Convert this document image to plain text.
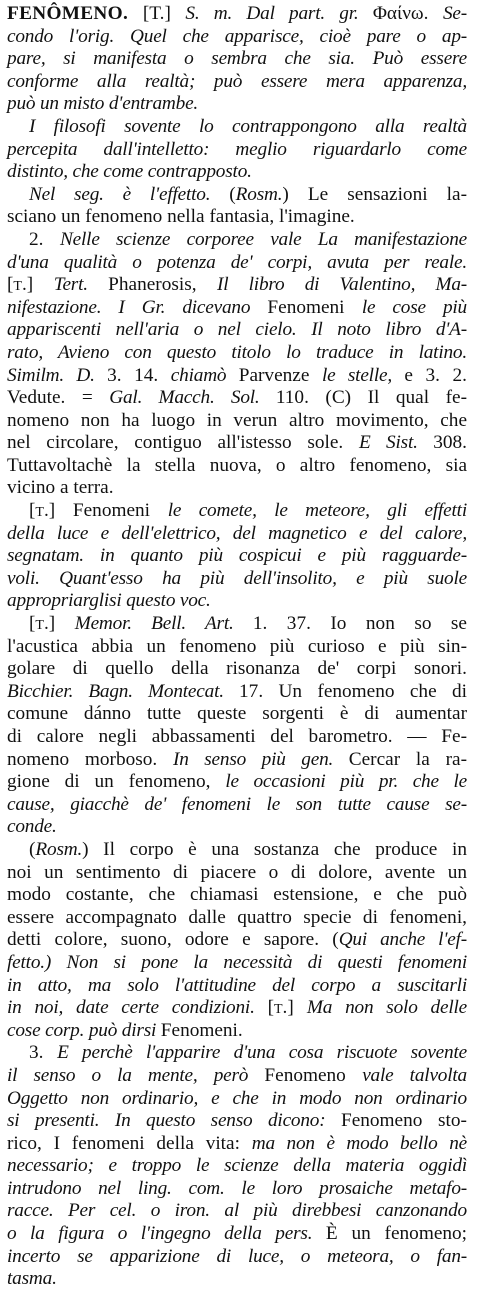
FENÔMENO. [T.] S. m. Dal part. gr. Φαίνω. Se-
condo l'orig. Quel che apparisce, cioè pare o ap-
pare, si manifesta o sembra che sia. Può essere
conforme alla realtà; può essere mera apparenza,
può un misto d'entrambe.
I filosofi sovente lo contrappongono alla realtà
percepita dall'intelletto: meglio riguardarlo come
distinto, che come contrapposto.
Nel seg. è l'effetto. (Rosm.) Le sensazioni la-
sciano un fenomeno nella fantasia, l'imagine.
2. Nelle scienze corporee vale La manifestazione
d'una qualità o potenza de' corpi, avuta per reale.
[t.] Tert. Phanerosis, Il libro di Valentino, Ma-
nifestazione. I Gr. dicevano Fenomeni le cose più
appariscenti nell'aria o nel cielo. Il noto libro d'A-
rato, Avieno con questo titolo lo traduce in latino.
Similm. D. 3. 14. chiamò Parvenze le stelle, e 3. 2.
Vedute. = Gal. Macch. Sol. 110. (C) Il qual fe-
nomeno non ha luogo in verun altro movimento, che
nel circolare, contiguo all'istesso sole. E Sist. 308.
Tuttavoltachè la stella nuova, o altro fenomeno, sia
vicino a terra.
[t.] Fenomeni le comete, le meteore, gli effetti
della luce e dell'elettrico, del magnetico e del calore,
segnatam. in quanto più cospicui e più ragguarde-
voli. Quant'esso ha più dell'insolito, e più suole
appropriarglisi questo voc.
[t.] Memor. Bell. Art. 1. 37. Io non so se
l'acustica abbia un fenomeno più curioso e più sin-
golare di quello della risonanza de' corpi sonori.
Bicchier. Bagn. Montecat. 17. Un fenomeno che di
comune dánno tutte queste sorgenti è di aumentar
di calore negli abbassamenti del barometro. — Fe-
nomeno morboso. In senso più gen. Cercar la ra-
gione di un fenomeno, le occasioni più pr. che le
cause, giacchè de' fenomeni le son tutte cause se-
conde.
(Rosm.) Il corpo è una sostanza che produce in
noi un sentimento di piacere o di dolore, avente un
modo costante, che chiamasi estensione, e che può
essere accompagnato dalle quattro specie di fenomeni,
detti colore, suono, odore e sapore. (Qui anche l'ef-
fetto.) Non si pone la necessità di questi fenomeni
in atto, ma solo l'attitudine del corpo a suscitarli
in noi, date certe condizioni. [t.] Ma non solo delle
cose corp. può dirsi Fenomeni.
3. E perchè l'apparire d'una cosa riscuote sovente
il senso o la mente, però Fenomeno vale talvolta
Oggetto non ordinario, e che in modo non ordinario
si presenti. In questo senso dicono: Fenomeno sto-
rico, I fenomeni della vita: ma non è modo bello nè
necessario; e troppo le scienze della materia oggidì
intrudono nel ling. com. le loro prosaiche metafo-
racce. Per cel. o iron. al più direbbesi canzonando
o la figura o l'ingegno della pers. È un fenomeno;
incerto se apparizione di luce, o meteora, o fan-
tasma.
